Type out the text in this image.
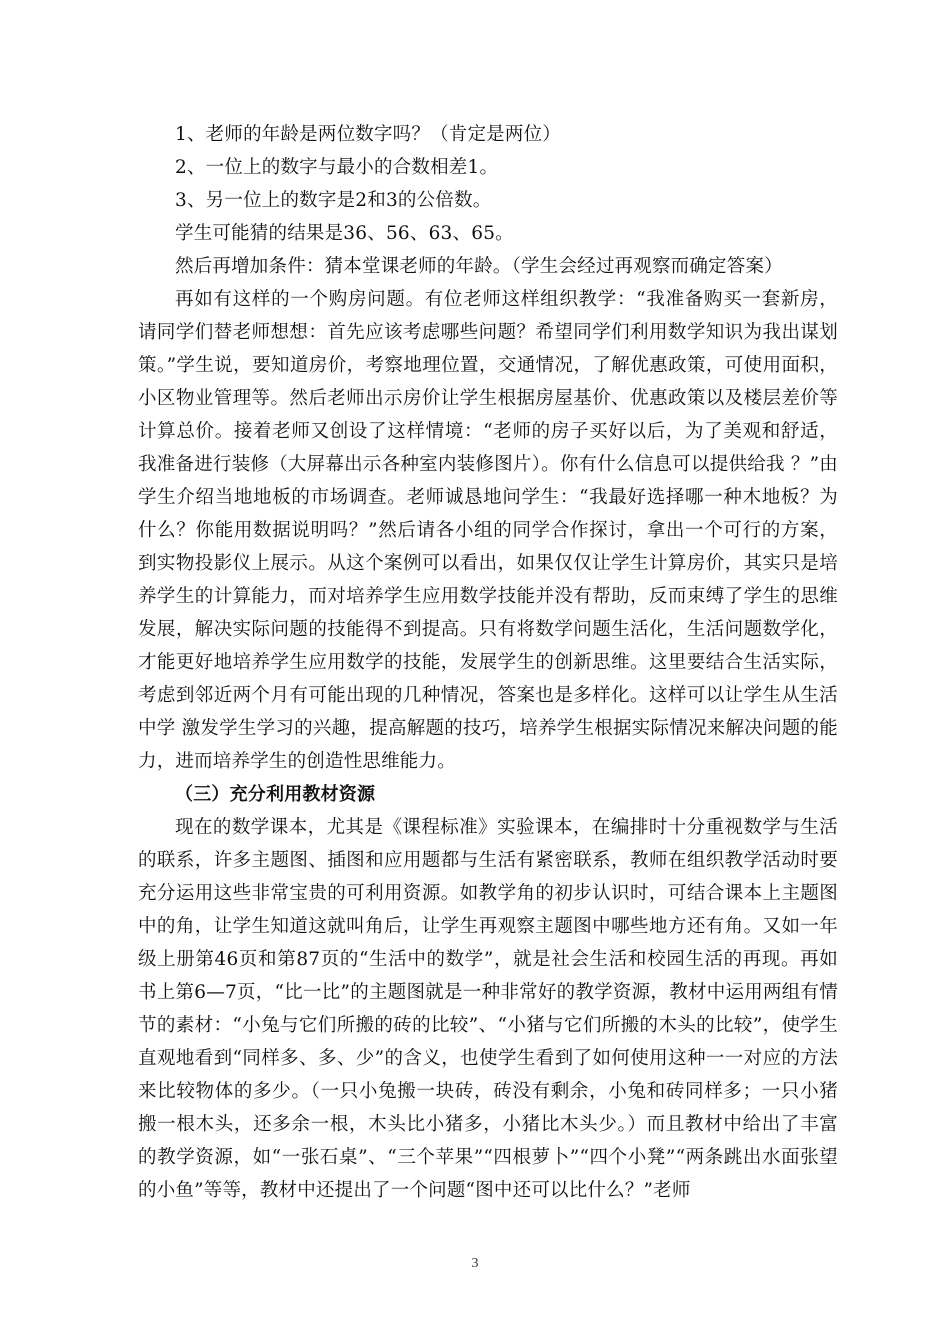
1、老师的年龄是两位数字吗？（肯定是两位）

2、一位上的数字与最小的合数相差1。

3、另一位上的数字是2和3的公倍数。

学生可能猜的结果是36、56、63、65。

然后再增加条件：猜本堂课老师的年龄。（学生会经过再观察而确定答案）

再如有这样的一个购房问题。有位老师这样组织教学：“我准备购买一套新房，请同学们替老师想想：首先应该考虑哪些问题？希望同学们利用数学知识为我出谋划策。”学生说，要知道房价，考察地理位置，交通情况，了解优惠政策，可使用面积，小区物业管理等。然后老师出示房价让学生根据房屋基价、优惠政策以及楼层差价等计算总价。接着老师又创设了这样情境：“老师的房子买好以后，为了美观和舒适，我准备进行装修（大屏幕出示各种室内装修图片）。你有什么信息可以提供给我 ？”由学生介绍当地地板的市场调查。老师诚恳地问学生：“我最好选择哪一种木地板？为什么？你能用数据说明吗？”然后请各小组的同学合作探讨，拿出一个可行的方案，到实物投影仪上展示。从这个案例可以看出，如果仅仅让学生计算房价，其实只是培养学生的计算能力，而对培养学生应用数学技能并没有帮助，反而束缚了学生的思维发展，解决实际问题的技能得不到提高。只有将数学问题生活化，生活问题数学化，才能更好地培养学生应用数学的技能，发展学生的创新思维。这里要结合生活实际，考虑到邻近两个月有可能出现的几种情况，答案也是多样化。这样可以让学生从生活中学 激发学生学习的兴趣，提高解题的技巧，培养学生根据实际情况来解决问题的能力，进而培养学生的创造性思维能力。

（三）充分利用教材资源

现在的数学课本，尤其是《课程标准》实验课本，在编排时十分重视数学与生活的联系，许多主题图、插图和应用题都与生活有紧密联系，教师在组织教学活动时要充分运用这些非常宝贵的可利用资源。如教学角的初步认识时，可结合课本上主题图中的角，让学生知道这就叫角后，让学生再观察主题图中哪些地方还有角。又如一年级上册第46页和第87页的“生活中的数学”，就是社会生活和校园生活的再现。再如书上第6—7页，“比一比”的主题图就是一种非常好的教学资源，教材中运用两组有情节的素材：“小兔与它们所搬的砖的比较”、“小猪与它们所搬的木头的比较”，使学生直观地看到“同样多、多、少”的含义，也使学生看到了如何使用这种一一对应的方法来比较物体的多少。（一只小兔搬一块砖，砖没有剩余，小兔和砖同样多；一只小猪搬一根木头，还多余一根，木头比小猪多，小猪比木头少。）而且教材中给出了丰富的教学资源，如“一张石桌”、“三个苹果”“四根萝卜”“四个小凳”“两条跳出水面张望的小鱼”等等，教材中还提出了一个问题“图中还可以比什么？”老师

3
